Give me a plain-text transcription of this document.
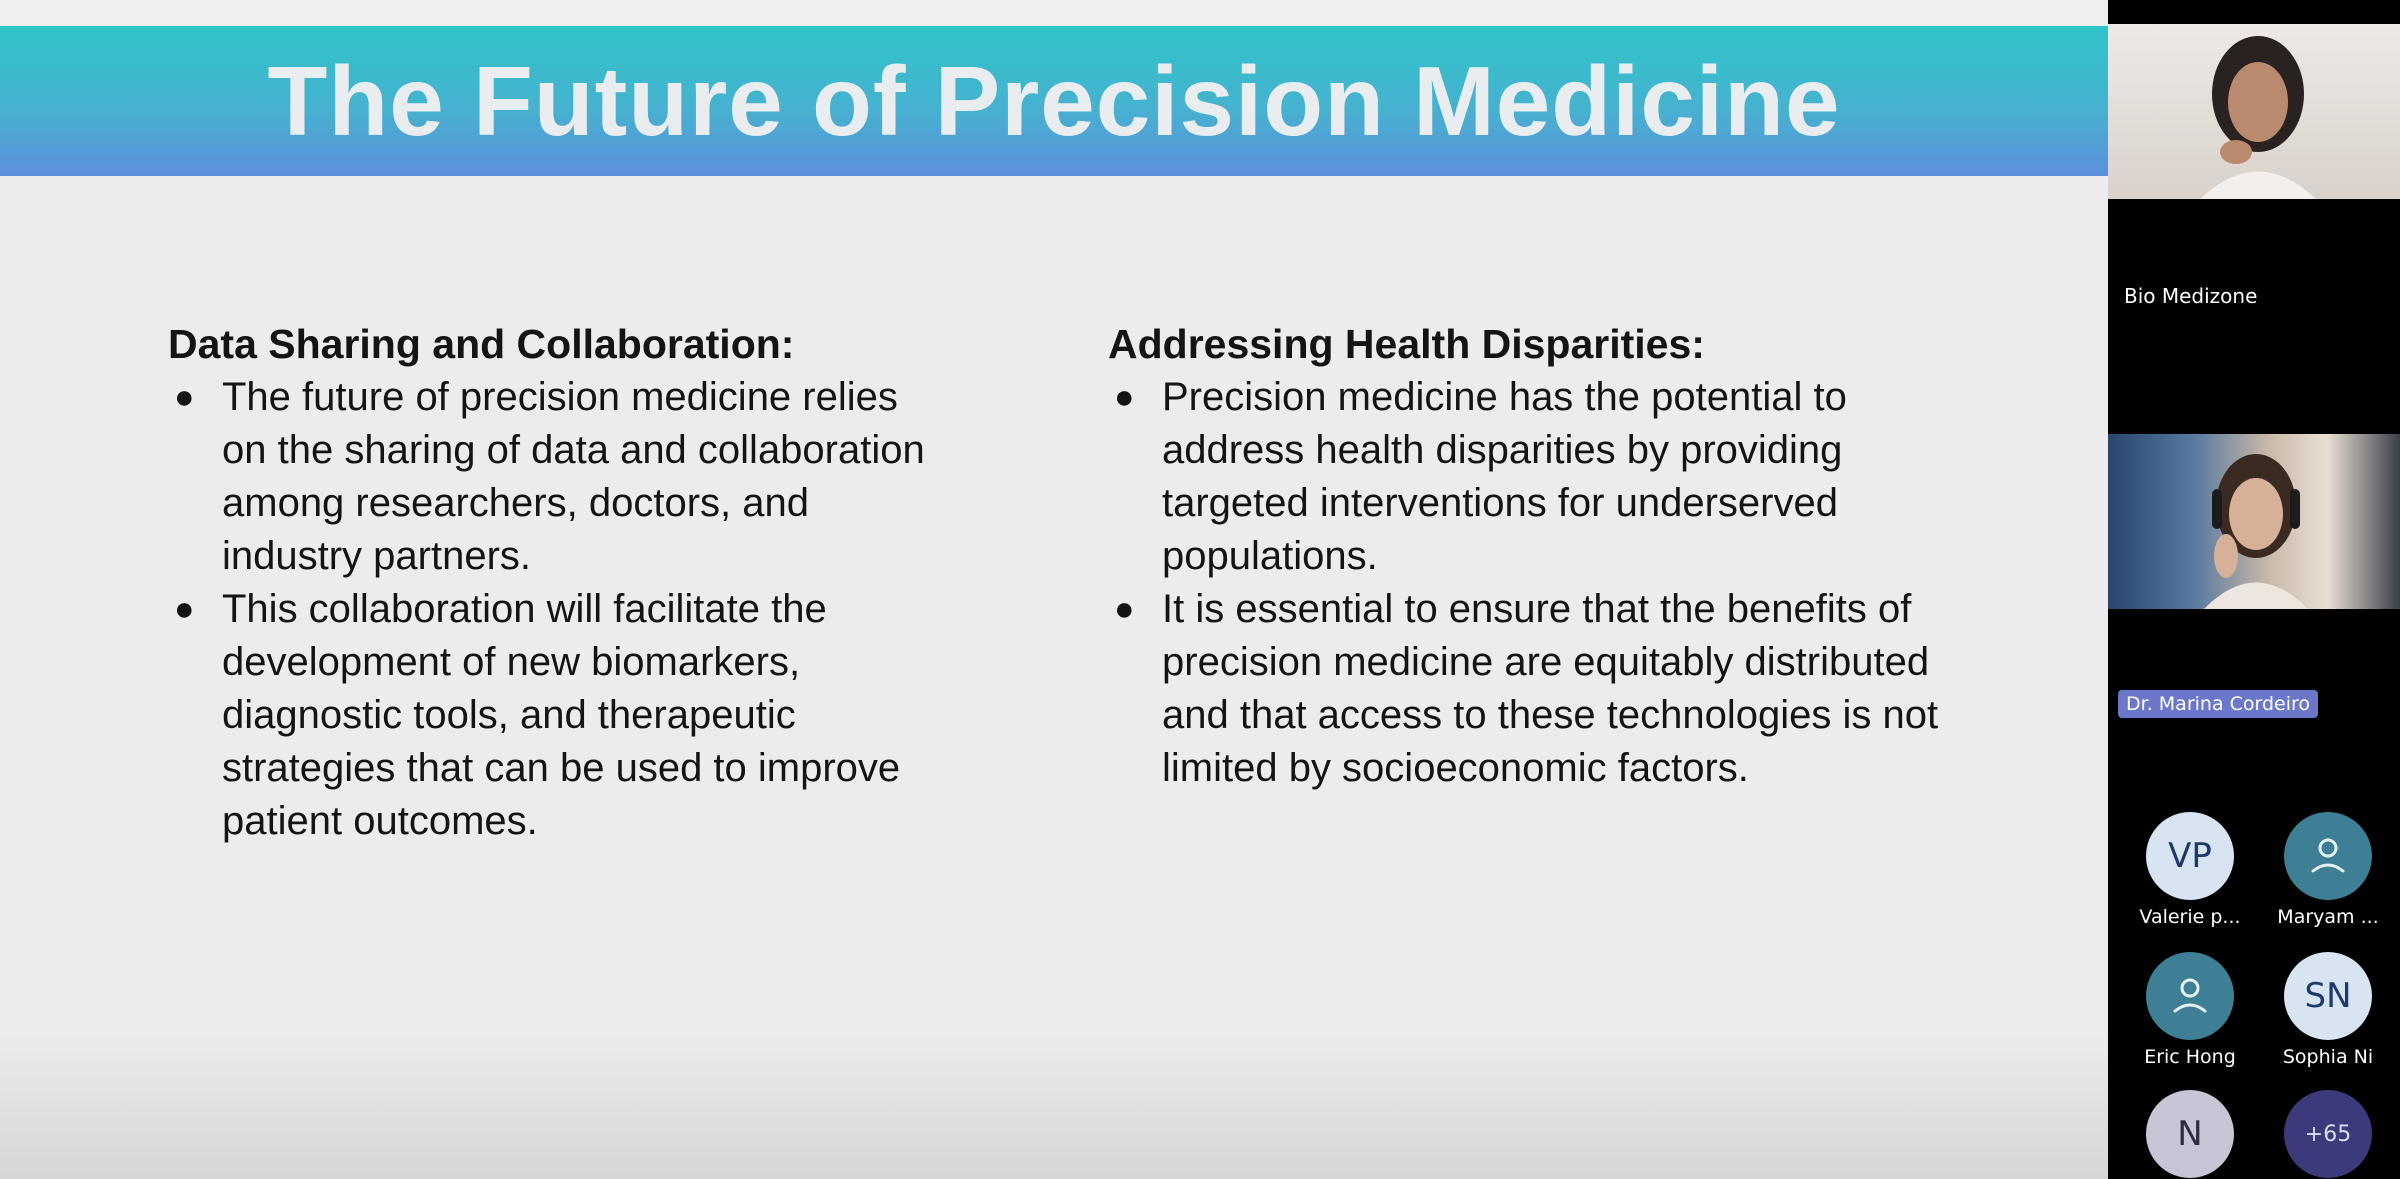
The Future of Precision Medicine
Data Sharing and Collaboration:
● The future of precision medicine relies on the sharing of data and collaboration among researchers, doctors, and industry partners.
● This collaboration will facilitate the development of new biomarkers, diagnostic tools, and therapeutic strategies that can be used to improve patient outcomes.
Addressing Health Disparities:
● Precision medicine has the potential to address health disparities by providing targeted interventions for underserved populations.
● It is essential to ensure that the benefits of precision medicine are equitably distributed and that access to these technologies is not limited by socioeconomic factors.
Bio Medizone
Dr. Marina Cordeiro
VP
Valerie p...	Maryam ...
Eric Hong
SN
Sophia Ni
N	+65
